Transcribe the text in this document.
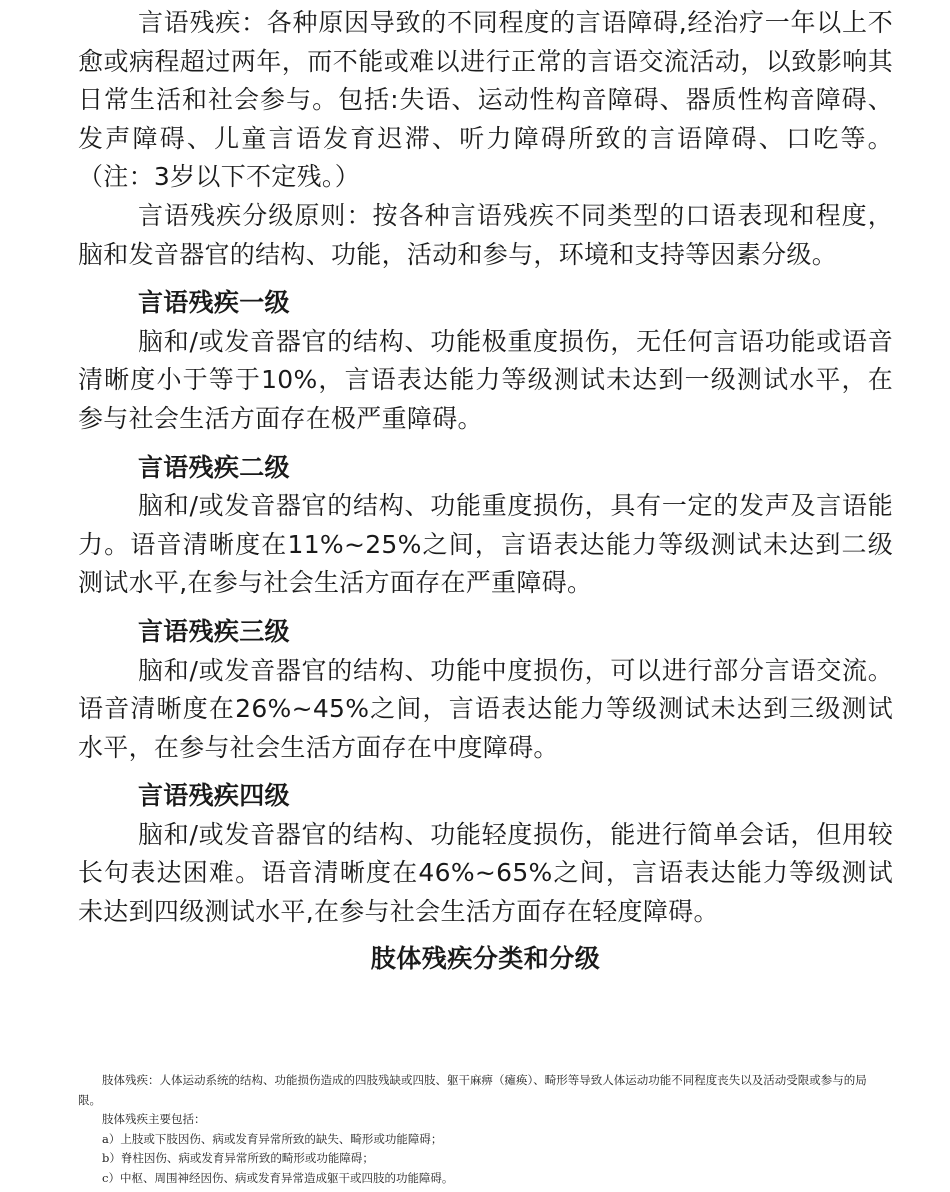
言语残疾：各种原因导致的不同程度的言语障碍,经治疗一年以上不愈或病程超过两年，而不能或难以进行正常的言语交流活动，以致影响其日常生活和社会参与。包括:失语、运动性构音障碍、器质性构音障碍、发声障碍、儿童言语发育迟滞、听力障碍所致的言语障碍、口吃等。（注：3岁以下不定残。）

言语残疾分级原则：按各种言语残疾不同类型的口语表现和程度，脑和发音器官的结构、功能，活动和参与，环境和支持等因素分级。

言语残疾一级

脑和/或发音器官的结构、功能极重度损伤，无任何言语功能或语音清晰度小于等于10%，言语表达能力等级测试未达到一级测试水平，在参与社会生活方面存在极严重障碍。

言语残疾二级

脑和/或发音器官的结构、功能重度损伤，具有一定的发声及言语能力。语音清晰度在11%~25%之间，言语表达能力等级测试未达到二级测试水平,在参与社会生活方面存在严重障碍。

言语残疾三级

脑和/或发音器官的结构、功能中度损伤，可以进行部分言语交流。语音清晰度在26%~45%之间，言语表达能力等级测试未达到三级测试水平，在参与社会生活方面存在中度障碍。

言语残疾四级

脑和/或发音器官的结构、功能轻度损伤，能进行简单会话，但用较长句表达困难。语音清晰度在46%~65%之间，言语表达能力等级测试未达到四级测试水平,在参与社会生活方面存在轻度障碍。

肢体残疾分类和分级

肢体残疾：人体运动系统的结构、功能损伤造成的四肢残缺或四肢、躯干麻痹（瘫痪）、畸形等导致人体运动功能不同程度丧失以及活动受限或参与的局限。

肢体残疾主要包括：

a）上肢或下肢因伤、病或发育异常所致的缺失、畸形或功能障碍；

b）脊柱因伤、病或发育异常所致的畸形或功能障碍；

c）中枢、周围神经因伤、病或发育异常造成躯干或四肢的功能障碍。
